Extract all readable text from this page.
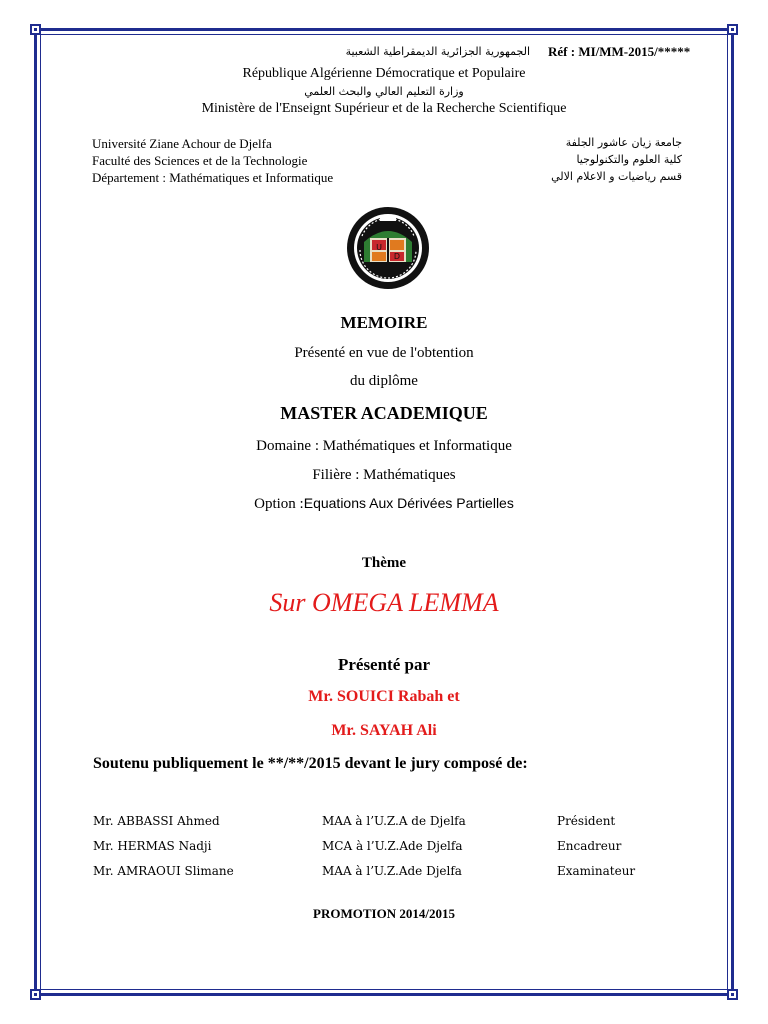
الجمهورية الجزائرية الديمقراطية الشعبية Réf : MI/MM-2015/*****
République Algérienne Démocratique et Populaire
وزارة التعليم العالي والبحث العلمي
Ministère de l'Enseignt Supérieur et de la Recherche Scientifique
Université Ziane Achour de Djelfa
Faculté des Sciences et de la Technologie
Département : Mathématiques et Informatique
جامعة زيان عاشور الجلفة
كلية العلوم والتكنولوجيا
قسم رياضيات و الاعلام الالي
U
D
MEMOIRE
Présenté en vue de l'obtention
du diplôme
MASTER ACADEMIQUE
Domaine : Mathématiques et Informatique
Filière : Mathématiques
Option :Equations Aux Dérivées Partielles
Thème
Sur OMEGA LEMMA
Présenté par
Mr. SOUICI Rabah et
Mr. SAYAH Ali
Soutenu publiquement le **/**/2015 devant le jury composé de:
Mr. ABBASSI Ahmed	MAA à l’U.Z.A de Djelfa	Président
Mr. HERMAS Nadji	MCA à l’U.Z.Ade Djelfa	Encadreur
Mr. AMRAOUI Slimane	MAA à l’U.Z.Ade Djelfa	Examinateur
PROMOTION 2014/2015
